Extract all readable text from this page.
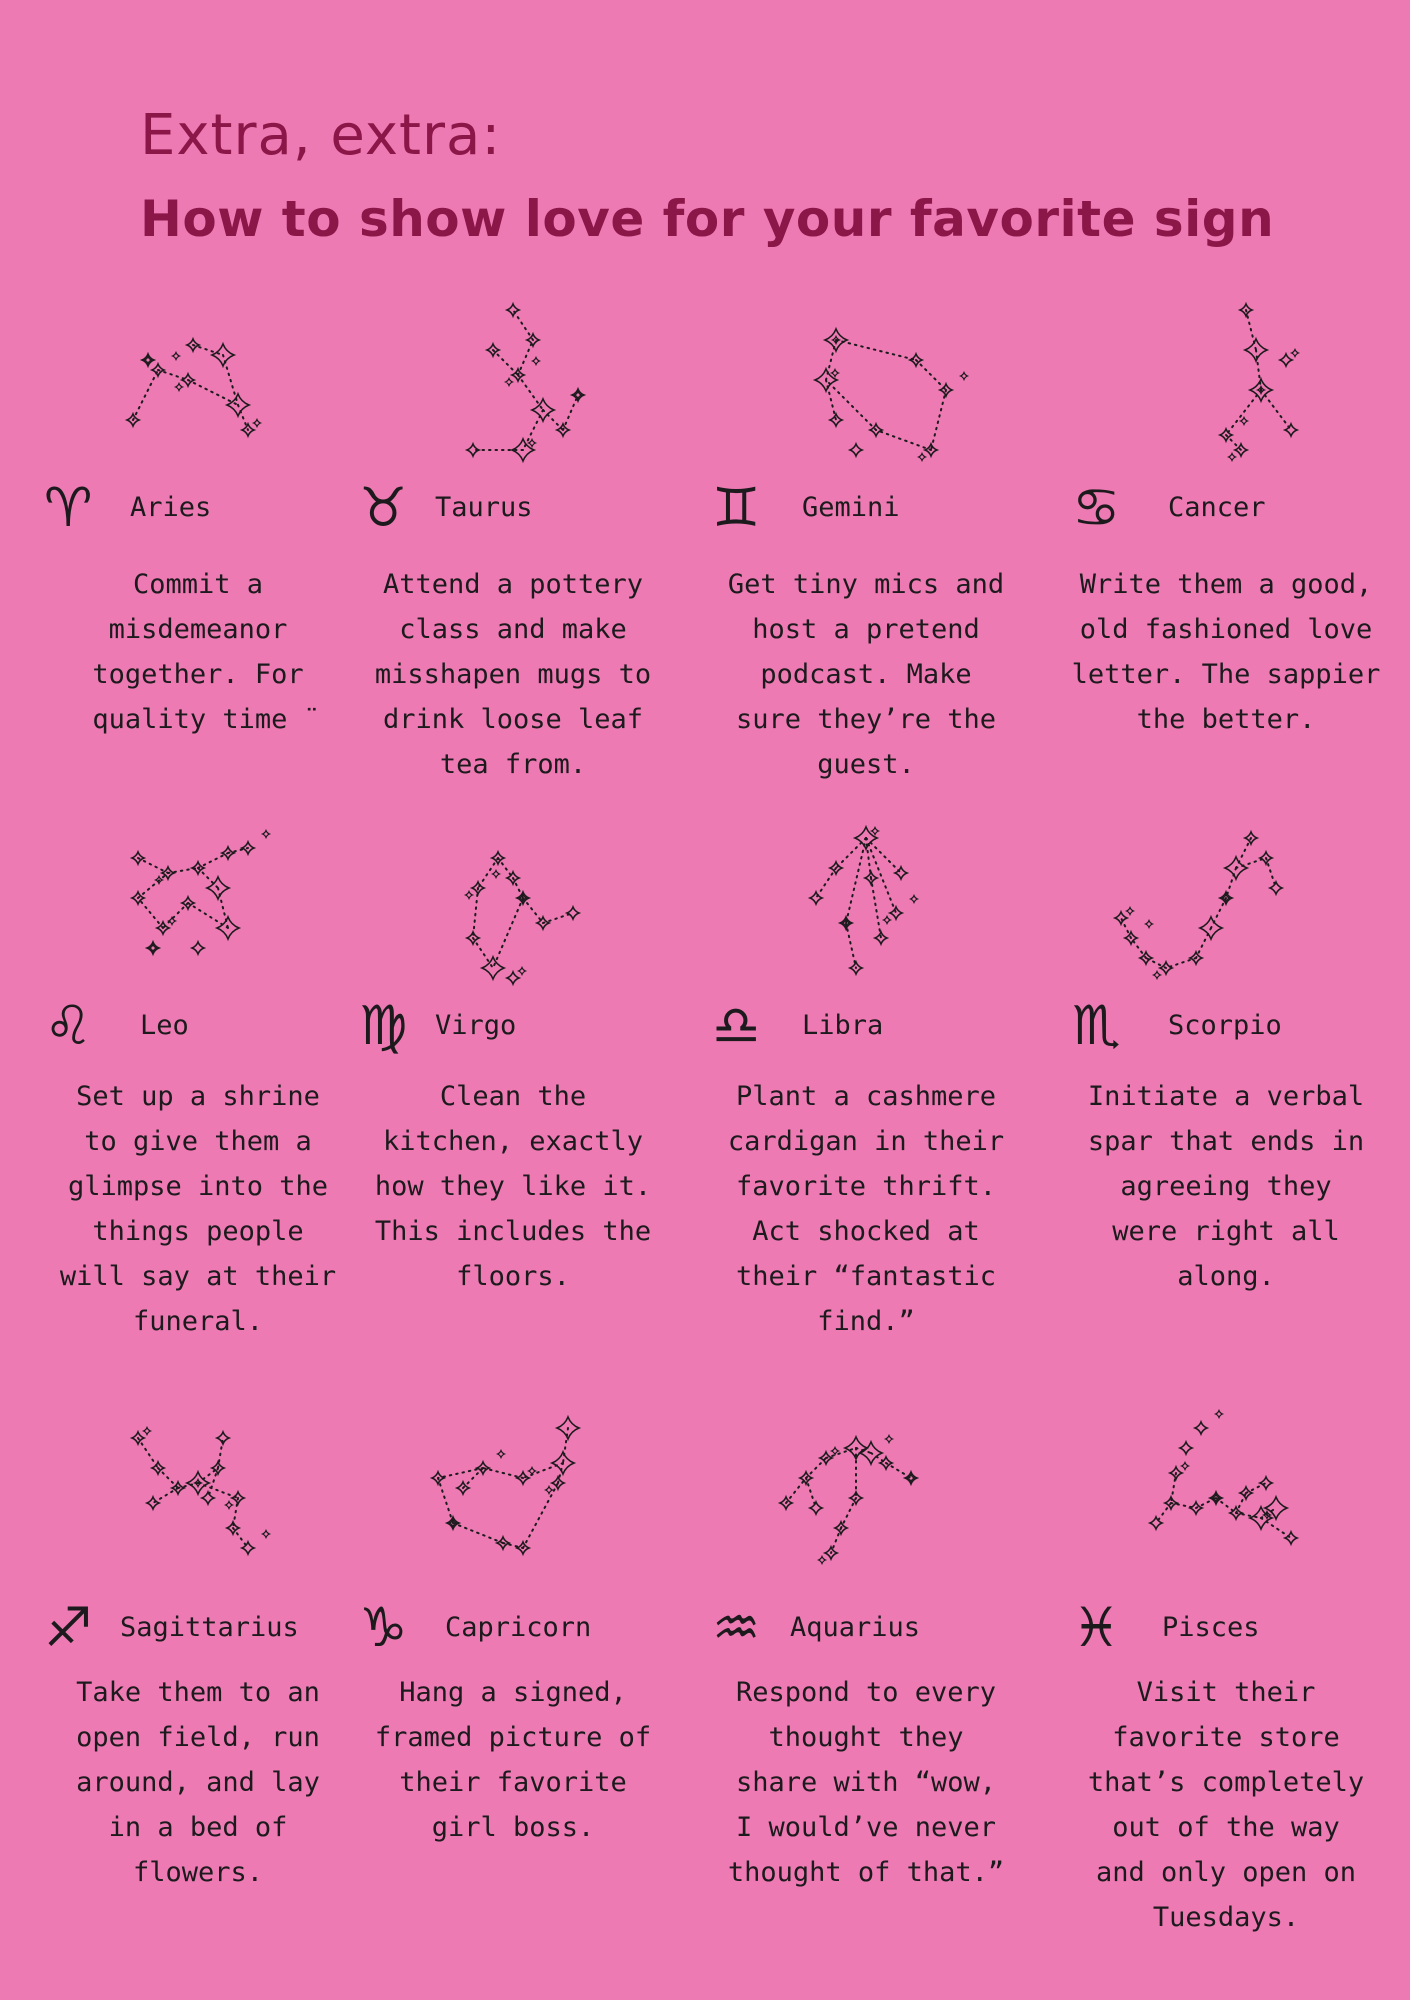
Extra, extra:
How to show love for your favorite sign
♈ Aries
Commit a
misdemeanor
together. For
quality time ̈
♉ Taurus
Attend a pottery
class and make
misshapen mugs to
drink loose leaf
tea from.
♊ Gemini
Get tiny mics and
host a pretend
podcast. Make
sure they’re the
guest.
♋ Cancer
Write them a good,
old fashioned love
letter. The sappier
the better.
♌ Leo
Set up a shrine
to give them a
glimpse into the
things people
will say at their
funeral.
♍ Virgo
Clean the
kitchen, exactly
how they like it.
This includes the
floors.
♎ Libra
Plant a cashmere
cardigan in their
favorite thrift.
Act shocked at
their “fantastic
find.”
♏ Scorpio
Initiate a verbal
spar that ends in
agreeing they
were right all
along.
♐ Sagittarius
Take them to an
open field, run
around, and lay
in a bed of
flowers.
♑ Capricorn
Hang a signed,
framed picture of
their favorite
girl boss.
♒ Aquarius
Respond to every
thought they
share with “wow,
I would’ve never
thought of that.”
♓ Pisces
Visit their
favorite store
that’s completely
out of the way
and only open on
Tuesdays.
